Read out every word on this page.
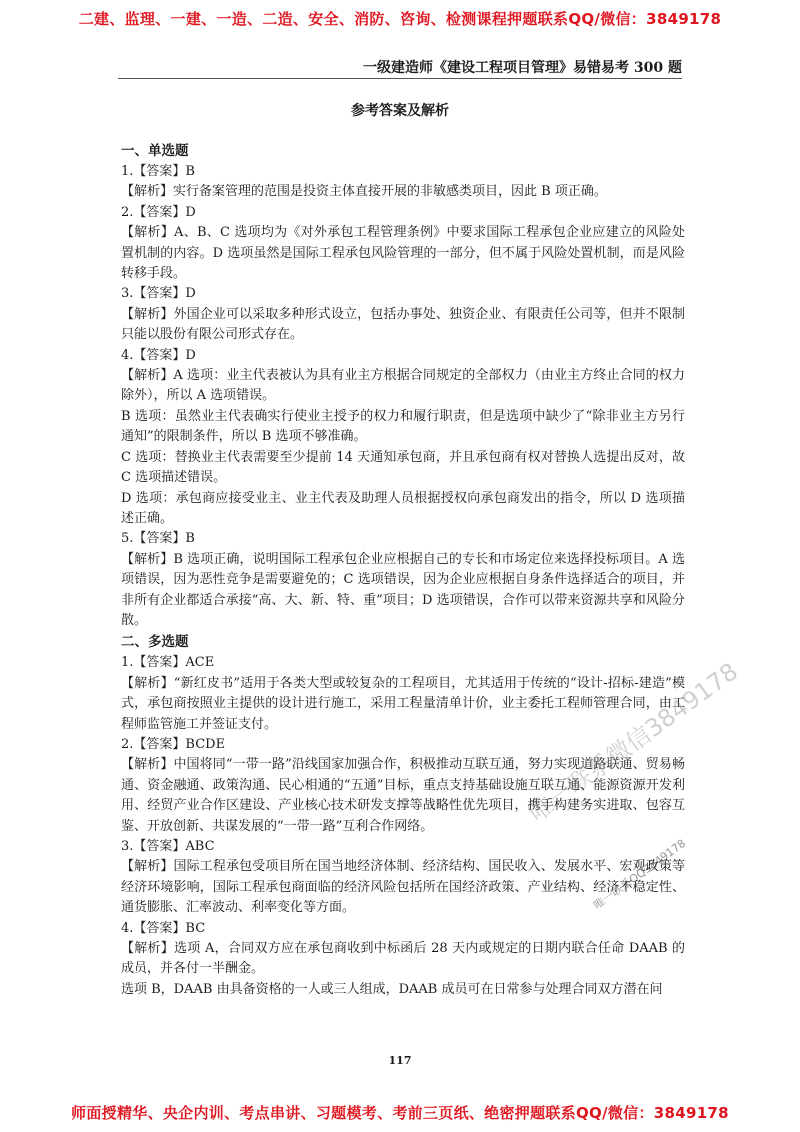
二建、监理、一建、一造、二造、安全、消防、咨询、检测课程押题联系QQ/微信：3849178
一级建造师《建设工程项目管理》易错易考 300 题
参考答案及解析
一、单选题

1.【答案】B

【解析】实行备案管理的范围是投资主体直接开展的非敏感类项目，因此 B 项正确。

2.【答案】D

【解析】A、B、C 选项均为《对外承包工程管理条例》中要求国际工程承包企业应建立的风险处置机制的内容。D 选项虽然是国际工程承包风险管理的一部分，但不属于风险处置机制，而是风险转移手段。

3.【答案】D

【解析】外国企业可以采取多种形式设立，包括办事处、独资企业、有限责任公司等，但并不限制只能以股份有限公司形式存在。

4.【答案】D

【解析】A 选项：业主代表被认为具有业主方根据合同规定的全部权力（由业主方终止合同的权力除外），所以 A 选项错误。

B 选项：虽然业主代表确实行使业主授予的权力和履行职责，但是选项中缺少了“除非业主方另行通知”的限制条件，所以 B 选项不够准确。

C 选项：替换业主代表需要至少提前 14 天通知承包商，并且承包商有权对替换人选提出反对，故 C 选项描述错误。

D 选项：承包商应接受业主、业主代表及助理人员根据授权向承包商发出的指令，所以 D 选项描述正确。

5.【答案】B

【解析】B 选项正确，说明国际工程承包企业应根据自己的专长和市场定位来选择投标项目。A 选项错误，因为恶性竞争是需要避免的；C 选项错误，因为企业应根据自身条件选择适合的项目，并非所有企业都适合承接“高、大、新、特、重”项目；D 选项错误，合作可以带来资源共享和风险分散。

二、多选题

1.【答案】ACE

【解析】“新红皮书”适用于各类大型或较复杂的工程项目，尤其适用于传统的“设计-招标-建造”模式，承包商按照业主提供的设计进行施工，采用工程量清单计价，业主委托工程师管理合同，由工程师监管施工并签证支付。

2.【答案】BCDE

【解析】中国将同“一带一路”沿线国家加强合作，积极推动互联互通，努力实现道路联通、贸易畅通、资金融通、政策沟通、民心相通的“五通”目标，重点支持基础设施互联互通、能源资源开发利用、经贸产业合作区建设、产业核心技术研发支撑等战略性优先项目，携手构建务实进取、包容互鉴、开放创新、共谋发展的“一带一路”互利合作网络。

3.【答案】ABC

【解析】国际工程承包受项目所在国当地经济体制、经济结构、国民收入、发展水平、宏观政策等经济环境影响，国际工程承包商面临的经济风险包括所在国经济政策、产业结构、经济不稳定性、通货膨胀、汇率波动、利率变化等方面。

4.【答案】BC

【解析】选项 A，合同双方应在承包商收到中标函后 28 天内或规定的日期内联合任命 DAAB 的成员，并各付一半酬金。

选项 B，DAAB 由具备资格的一人或三人组成，DAAB 成员可在日常参与处理合同双方潜在问

117
唯一联系微信3849178
唯一联系QQ3849178
师面授精华、央企内训、考点串讲、习题模考、考前三页纸、绝密押题联系QQ/微信：3849178
